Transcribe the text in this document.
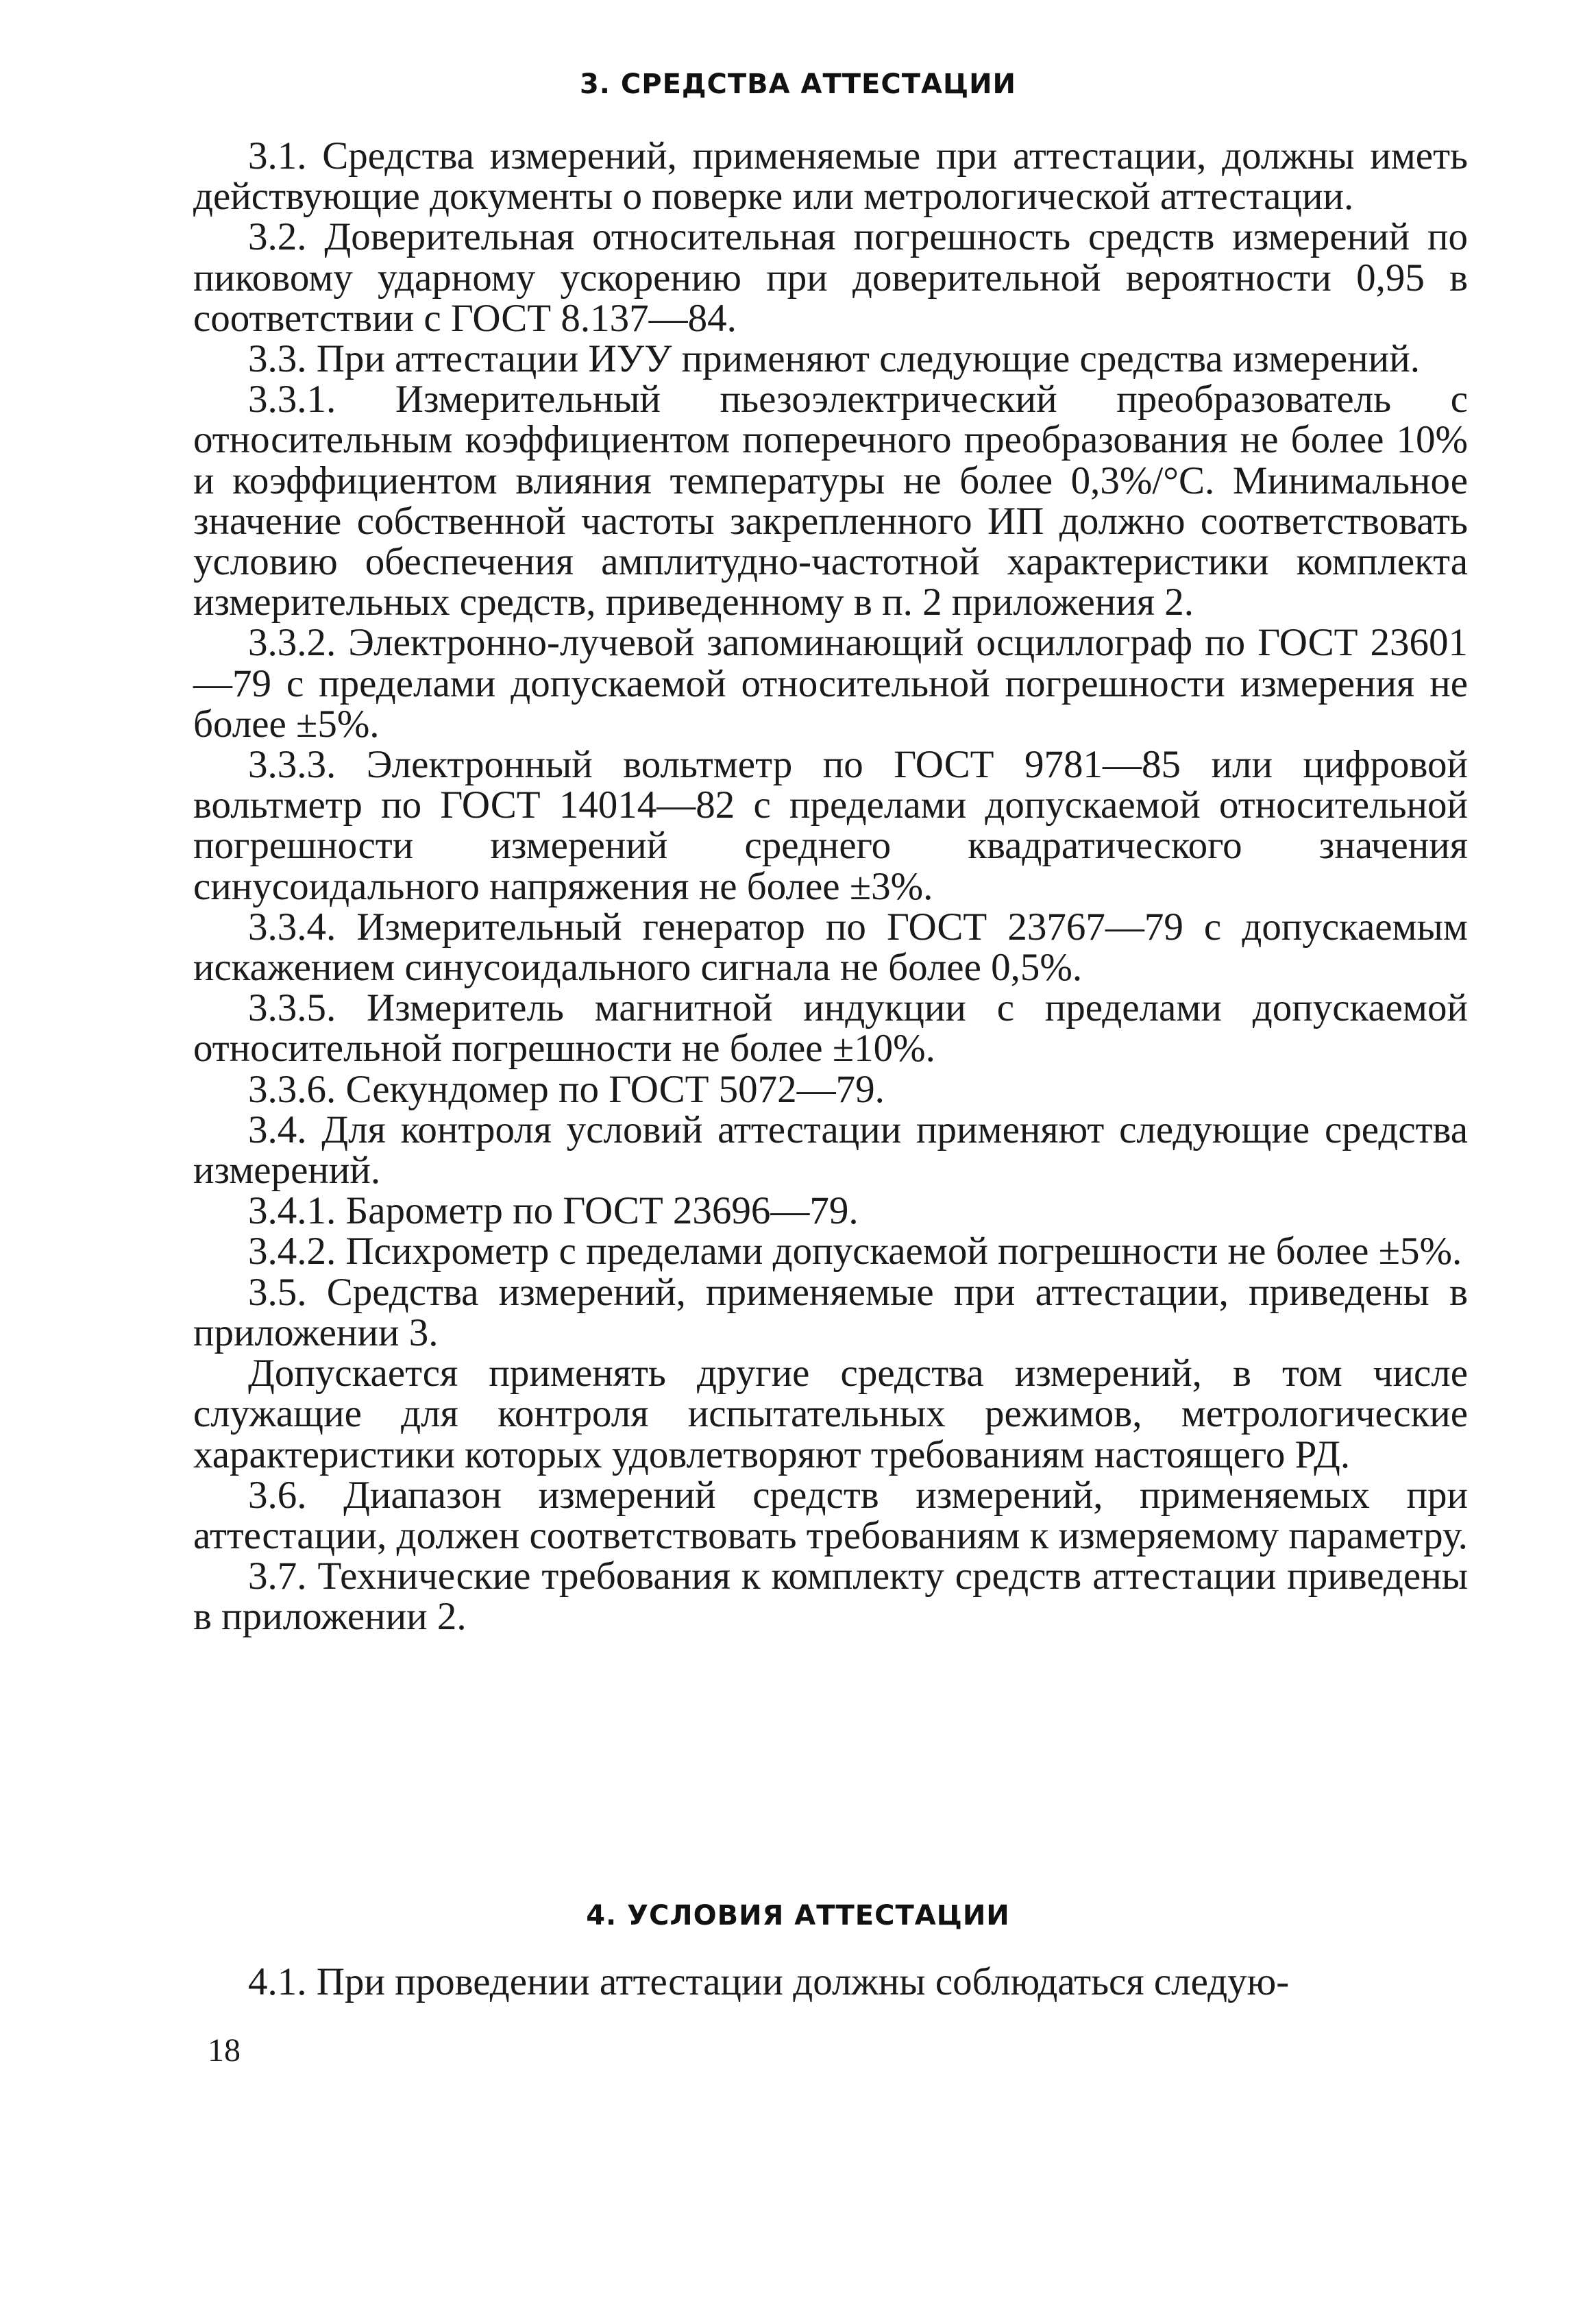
3. СРЕДСТВА АТТЕСТАЦИИ

3.1. Средства измерений, применяемые при аттестации, должны иметь действующие документы о поверке или метрологической аттестации.

3.2. Доверительная относительная погрешность средств измерений по пиковому ударному ускорению при доверительной вероятности 0,95 в соответствии с ГОСТ 8.137—84.

3.3. При аттестации ИУУ применяют следующие средства измерений.

3.3.1. Измерительный пьезоэлектрический преобразователь с относительным коэффициентом поперечного преобразования не более 10% и коэффициентом влияния температуры не более 0,3%/°С. Минимальное значение собственной частоты закрепленного ИП должно соответствовать условию обеспечения амплитудно-частотной характеристики комплекта измерительных средств, приведенному в п. 2 приложения 2.

3.3.2. Электронно-лучевой запоминающий осциллограф по ГОСТ 23601—79 с пределами допускаемой относительной погрешности измерения не более ±5%.

3.3.3. Электронный вольтметр по ГОСТ 9781—85 или цифровой вольтметр по ГОСТ 14014—82 с пределами допускаемой относительной погрешности измерений среднего квадратического значения синусоидального напряжения не более ±3%.

3.3.4. Измерительный генератор по ГОСТ 23767—79 с допускаемым искажением синусоидального сигнала не более 0,5%.

3.3.5. Измеритель магнитной индукции с пределами допускаемой относительной погрешности не более ±10%.

3.3.6. Секундомер по ГОСТ 5072—79.

3.4. Для контроля условий аттестации применяют следующие средства измерений.

3.4.1. Барометр по ГОСТ 23696—79.

3.4.2. Психрометр с пределами допускаемой погрешности не более ±5%.

3.5. Средства измерений, применяемые при аттестации, приведены в приложении 3.

Допускается применять другие средства измерений, в том числе служащие для контроля испытательных режимов, метрологические характеристики которых удовлетворяют требованиям настоящего РД.

3.6. Диапазон измерений средств измерений, применяемых при аттестации, должен соответствовать требованиям к измеряемому параметру.

3.7. Технические требования к комплекту средств аттестации приведены в приложении 2.

4. УСЛОВИЯ АТТЕСТАЦИИ

4.1. При проведении аттестации должны соблюдаться следую-

18
